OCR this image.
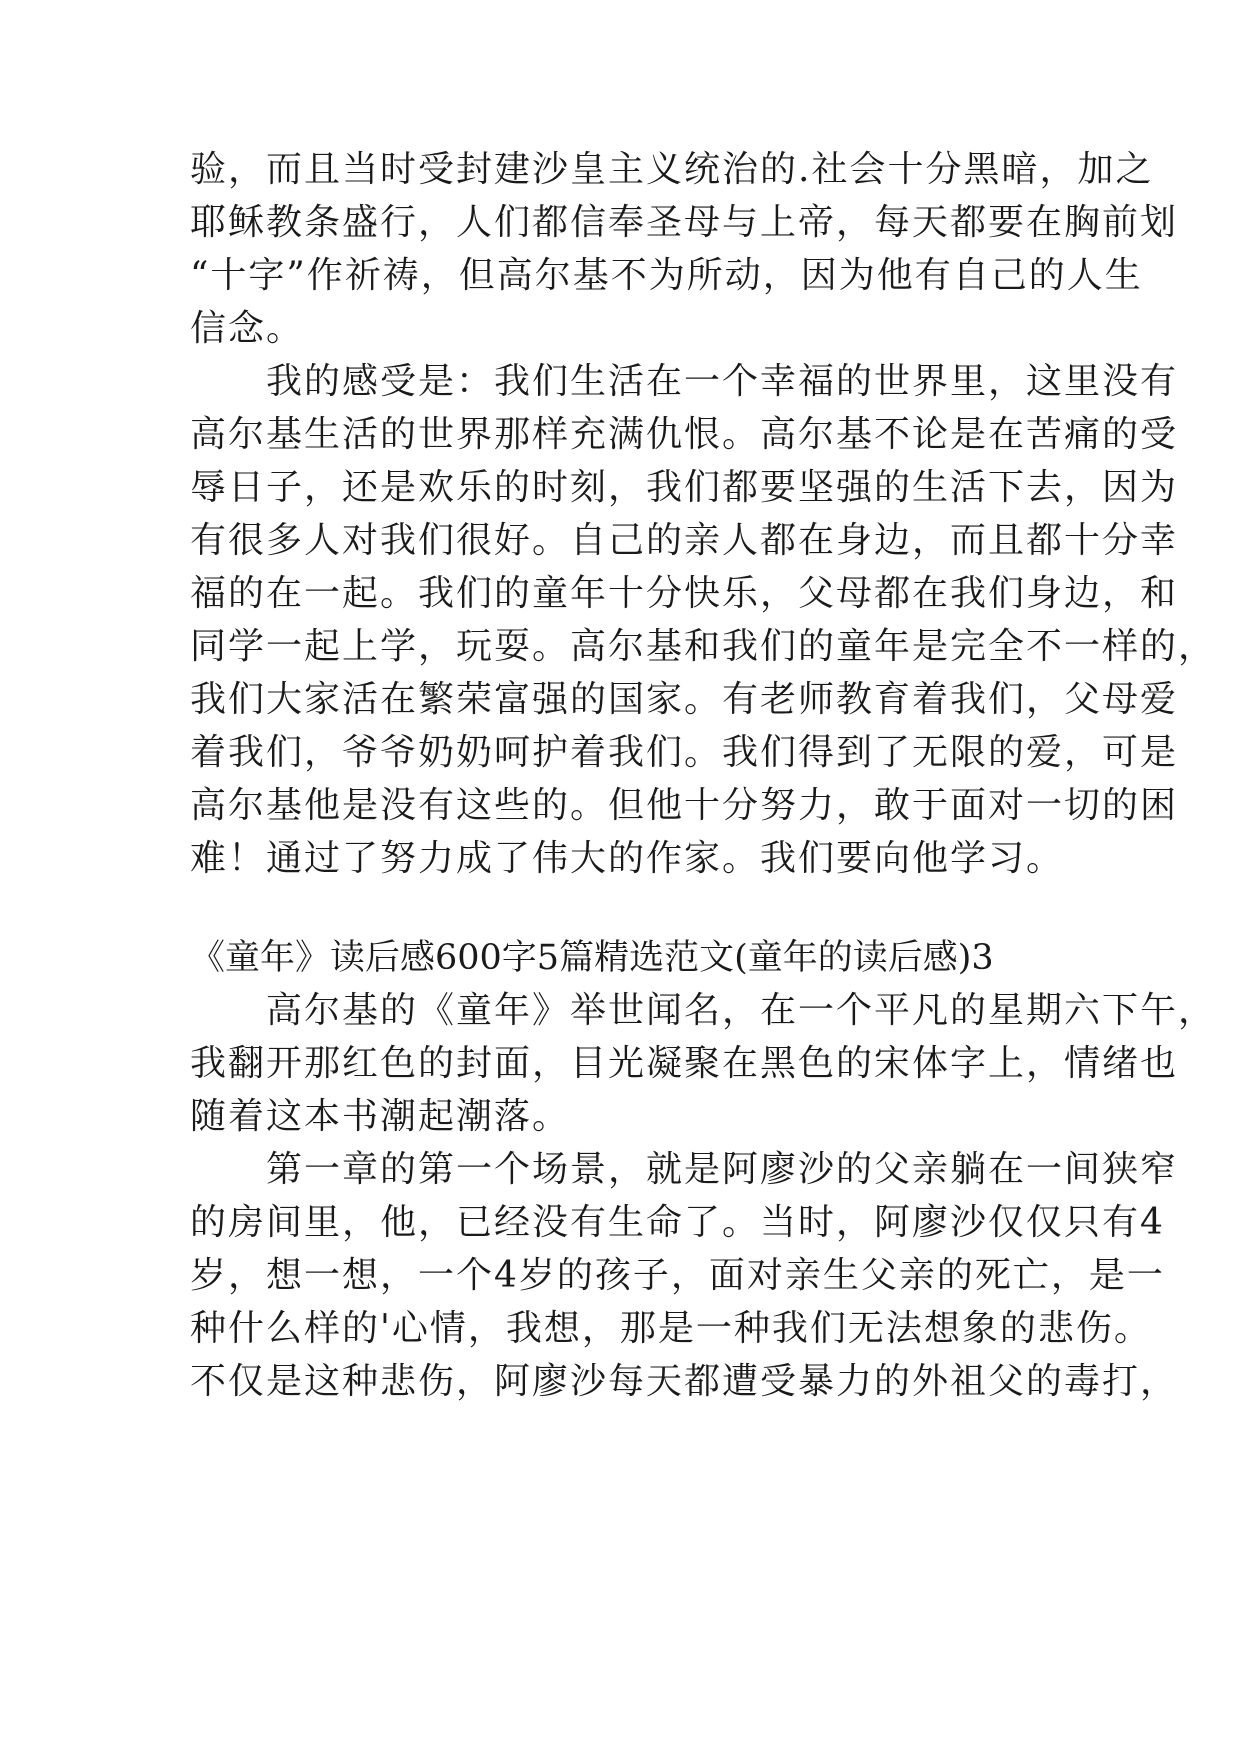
验，而且当时受封建沙皇主义统治的.社会十分黑暗，加之
耶稣教条盛行，人们都信奉圣母与上帝，每天都要在胸前划
“十字”作祈祷，但高尔基不为所动，因为他有自己的人生
信念。
　　我的感受是：我们生活在一个幸福的世界里，这里没有
高尔基生活的世界那样充满仇恨。高尔基不论是在苦痛的受
辱日子，还是欢乐的时刻，我们都要坚强的生活下去，因为
有很多人对我们很好。自己的亲人都在身边，而且都十分幸
福的在一起。我们的童年十分快乐，父母都在我们身边，和
同学一起上学，玩耍。高尔基和我们的童年是完全不一样的，
我们大家活在繁荣富强的国家。有老师教育着我们，父母爱
着我们，爷爷奶奶呵护着我们。我们得到了无限的爱，可是
高尔基他是没有这些的。但他十分努力，敢于面对一切的困
难！通过了努力成了伟大的作家。我们要向他学习。
《童年》读后感600字5篇精选范文(童年的读后感)3
　　高尔基的《童年》举世闻名，在一个平凡的星期六下午，
我翻开那红色的封面，目光凝聚在黑色的宋体字上，情绪也
随着这本书潮起潮落。
　　第一章的第一个场景，就是阿廖沙的父亲躺在一间狭窄
的房间里，他，已经没有生命了。当时，阿廖沙仅仅只有4
岁，想一想，一个4岁的孩子，面对亲生父亲的死亡，是一
种什么样的'心情，我想，那是一种我们无法想象的悲伤。
不仅是这种悲伤，阿廖沙每天都遭受暴力的外祖父的毒打，
